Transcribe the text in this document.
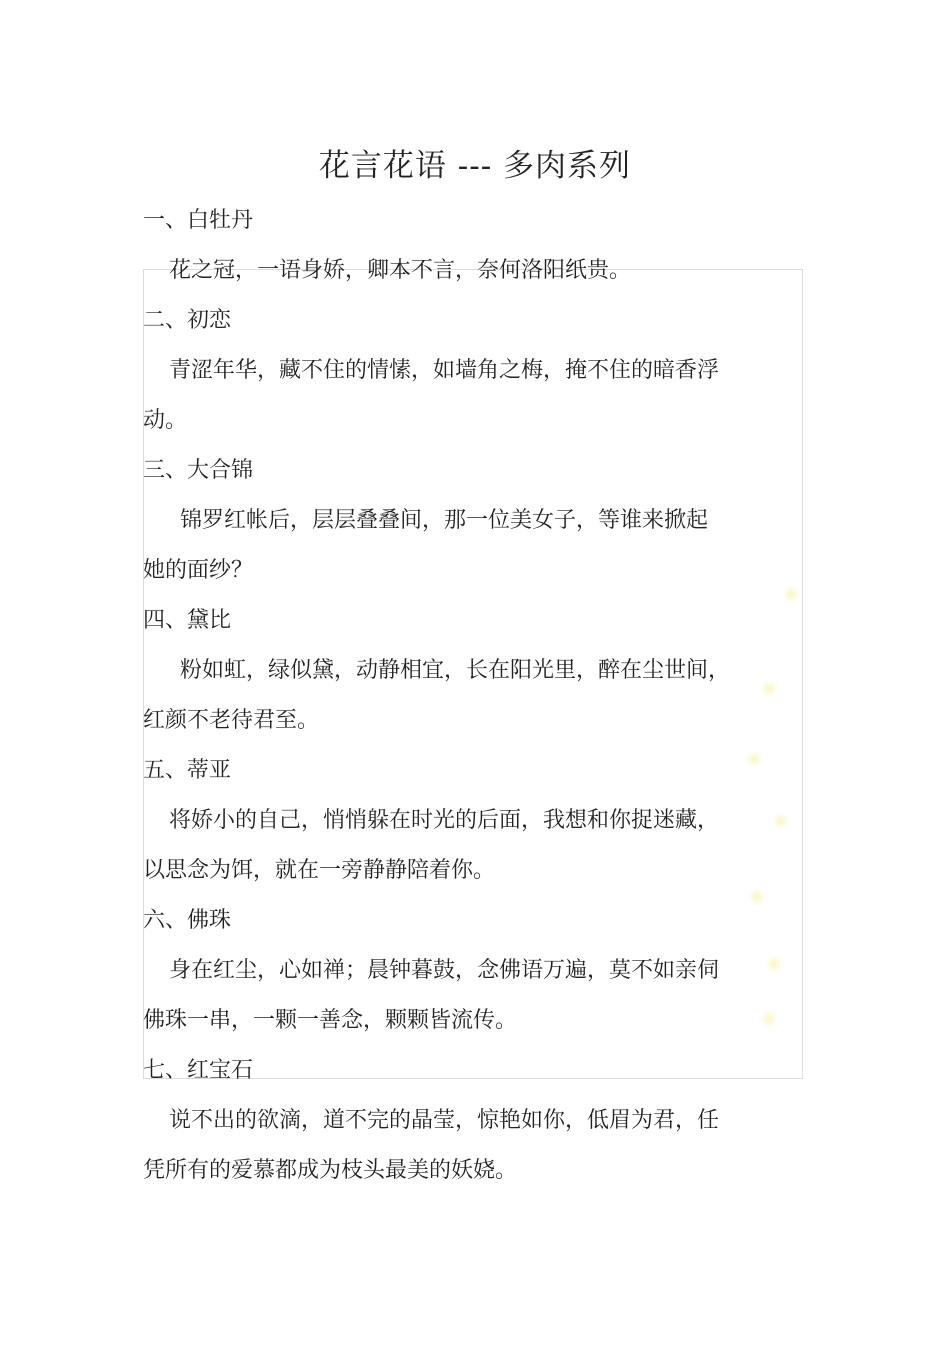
花言花语 --- 多肉系列
一、白牡丹
花之冠，一语身娇，卿本不言，奈何洛阳纸贵。
二、初恋
青涩年华，藏不住的情愫，如墙角之梅，掩不住的暗香浮
动。
三、大合锦
锦罗红帐后，层层叠叠间，那一位美女子，等谁来掀起
她的面纱？
四、黛比
粉如虹，绿似黛，动静相宜，长在阳光里，醉在尘世间，
红颜不老待君至。
五、蒂亚
将娇小的自己，悄悄躲在时光的后面，我想和你捉迷藏，
以思念为饵，就在一旁静静陪着你。
六、佛珠
身在红尘，心如禅；晨钟暮鼓，念佛语万遍，莫不如亲伺
佛珠一串，一颗一善念，颗颗皆流传。
七、红宝石
说不出的欲滴，道不完的晶莹，惊艳如你，低眉为君，任
凭所有的爱慕都成为枝头最美的妖娆。
